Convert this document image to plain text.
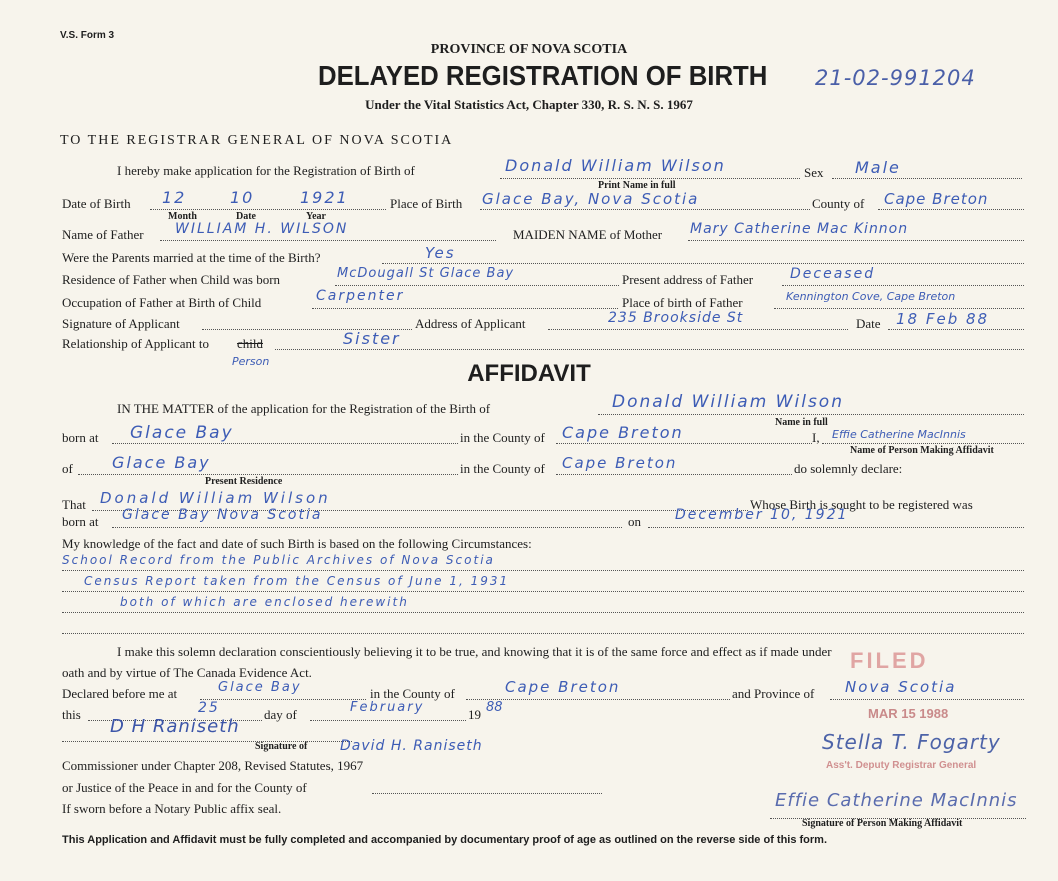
V.S. Form 3
PROVINCE OF NOVA SCOTIA
DELAYED REGISTRATION OF BIRTH 21-02-991204
Under the Vital Statistics Act, Chapter 330, R. S. N. S. 1967
TO THE REGISTRAR GENERAL OF NOVA SCOTIA
I hereby make application for the Registration of Birth of	Donald William Wilson	Sex Male
Print Name in full
Date of Birth 12	10	1921
Month	Date	Year
Place of Birth Glace Bay, Nova Scotia	County of Cape Breton
Name of Father WILLIAM H. WILSON	MAIDEN NAME of Mother Mary Catherine Mac Kinnon
Were the Parents married at the time of the Birth?	Yes
Residence of Father when Child was born	McDougall St Glace Bay	Present address of Father	Deceased
Occupation of Father at Birth of Child	Carpenter	Place of birth of Father	Kennington Cove, Cape Breton
Signature of Applicant	Address of Applicant	235 Brookside St	Date 18 Feb 88
Relationship of Applicant to child	Sister
Person	AFFIDAVIT
IN THE MATTER of the application for the Registration of the Birth of	Donald William Wilson
Name in full
born at Glace Bay	in the County of Cape Breton	I, Effie Catherine MacInnis
Name of Person Making Affidavit
of Glace Bay
Present Residence
in the County of Cape Breton	do solemnly declare:
That Donald William Wilson	Whose Birth is sought to be registered was
born at Glace Bay Nova Scotia	on December 10, 1921
My knowledge of the fact and date of such Birth is based on the following Circumstances:
School Record from the Public Archives of Nova Scotia
Census Report taken from the Census of June 1, 1931
both of which are enclosed herewith
I make this solemn declaration conscientiously believing it to be true, and knowing that it is of the same force and effect as if made under
oath and by virtue of The Canada Evidence Act.
Declared before me at	Glace Bay	in the County of	Cape Breton	and Province of Nova Scotia
this	25	day of	February	19 88
D H Raniseth
Signature of David H. Raniseth
Commissioner under Chapter 208, Revised Statutes, 1967
or Justice of the Peace in and for the County of
If sworn before a Notary Public affix seal.
FILED
MAR 15 1988
Stella T. Fogarty
Ass't. Deputy Registrar General
Effie Catherine MacInnis
Signature of Person Making Affidavit
This Application and Affidavit must be fully completed and accompanied by documentary proof of age as outlined on the reverse side of this form.
